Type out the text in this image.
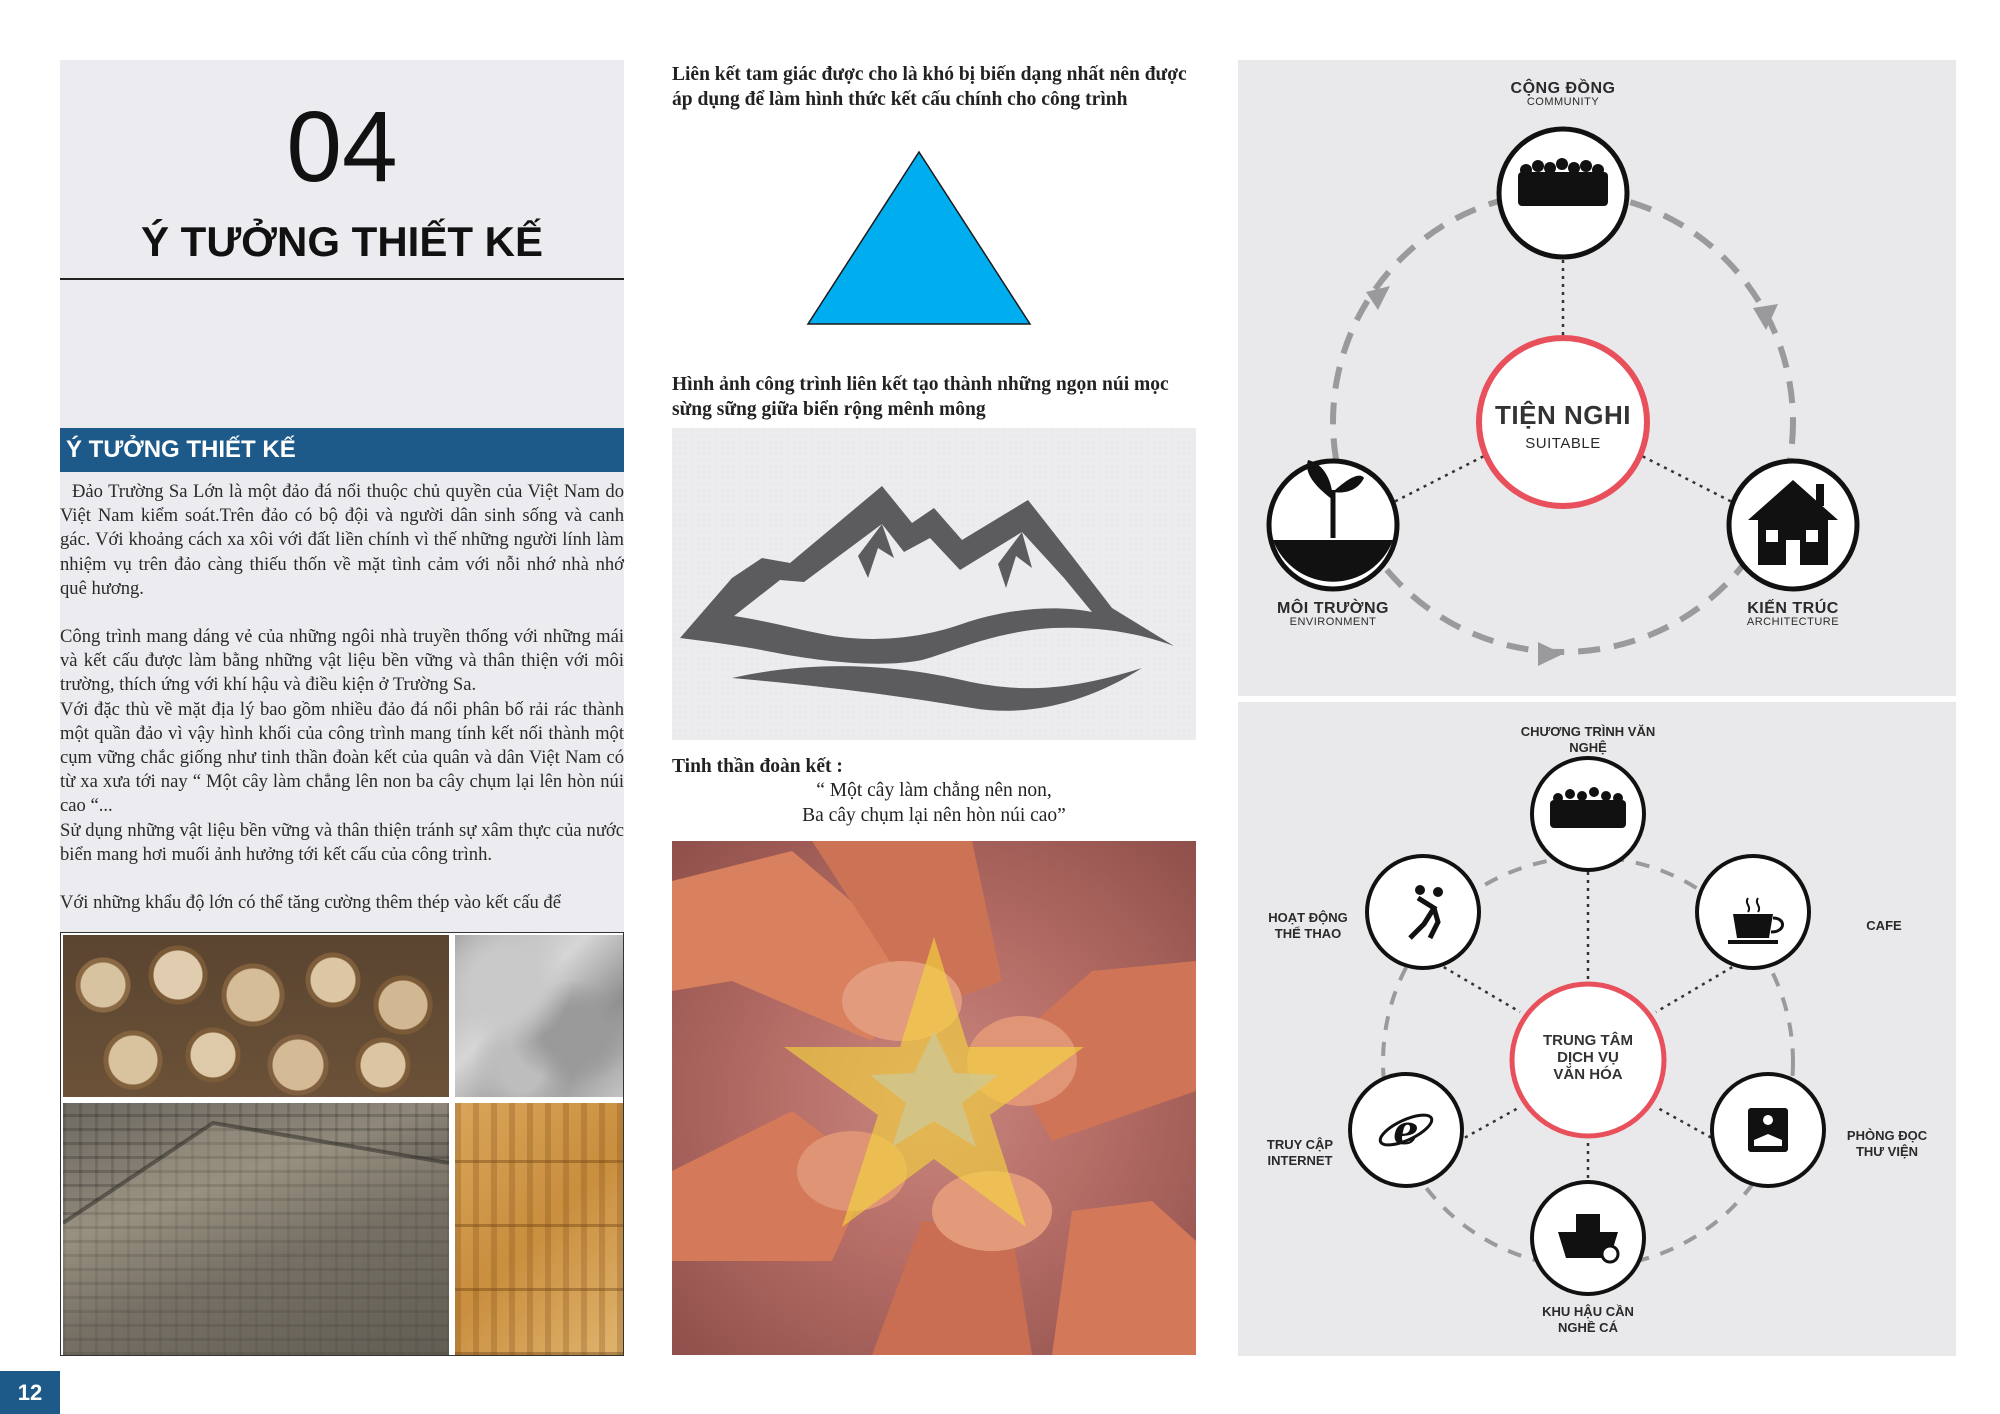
04
Ý TƯỞNG THIẾT KẾ
Ý TƯỞNG THIẾT KẾ

Đảo Trường Sa Lớn là một đảo đá nổi thuộc chủ quyền của Việt Nam do Việt Nam kiểm soát.Trên đảo có bộ đội và người dân sinh sống và canh gác. Với khoảng cách xa xôi với đất liền chính vì thế những người lính làm nhiệm vụ trên đảo càng thiếu thốn về mặt tình cảm với nỗi nhớ nhà nhớ quê hương.

Công trình mang dáng vẻ của những ngôi nhà truyền thống với những mái và kết cấu được làm bằng những vật liệu bền vững và thân thiện với môi trường, thích ứng với khí hậu và điều kiện ở Trường Sa.

Với đặc thù về mặt địa lý bao gồm nhiều đảo đá nổi phân bố rải rác thành một quần đảo vì vậy hình khối của công trình mang tính kết nối thành một cụm vững chắc giống như tinh thần đoàn kết của quân và dân Việt Nam có từ xa xưa tới nay “ Một cây làm chẳng lên non ba cây chụm lại lên hòn núi cao “...

Sử dụng những vật liệu bền vững và thân thiện tránh sự xâm thực của nước biển mang hơi muối ảnh hưởng tới kết cấu của công trình.

Với những khẩu độ lớn có thể tăng cường thêm thép vào kết cấu để

Liên kết tam giác được cho là khó bị biến dạng nhất nên được áp dụng để làm hình thức kết cấu chính cho công trình
Hình ảnh công trình liên kết tạo thành những ngọn núi mọc sừng sững giữa biển rộng mênh mông
Tinh thần đoàn kết :
“ Một cây làm chẳng nên non,
Ba cây chụm lại nên hòn núi cao”
CỘNG ĐỒNG
COMMUNITY
TIỆN NGHI
SUITABLE
MÔI TRƯỜNG
ENVIRONMENT
KIẾN TRÚC
ARCHITECTURE
e
TRUNG TÂM
DỊCH VỤ
VĂN HÓA
CHƯƠNG TRÌNH VĂN
NGHỆ
HOẠT ĐỘNG
THỂ THAO
CAFE
TRUY CẬP
INTERNET
PHÒNG ĐỌC
THƯ VIỆN
KHU HẬU CẦN
NGHỀ CÁ
12
